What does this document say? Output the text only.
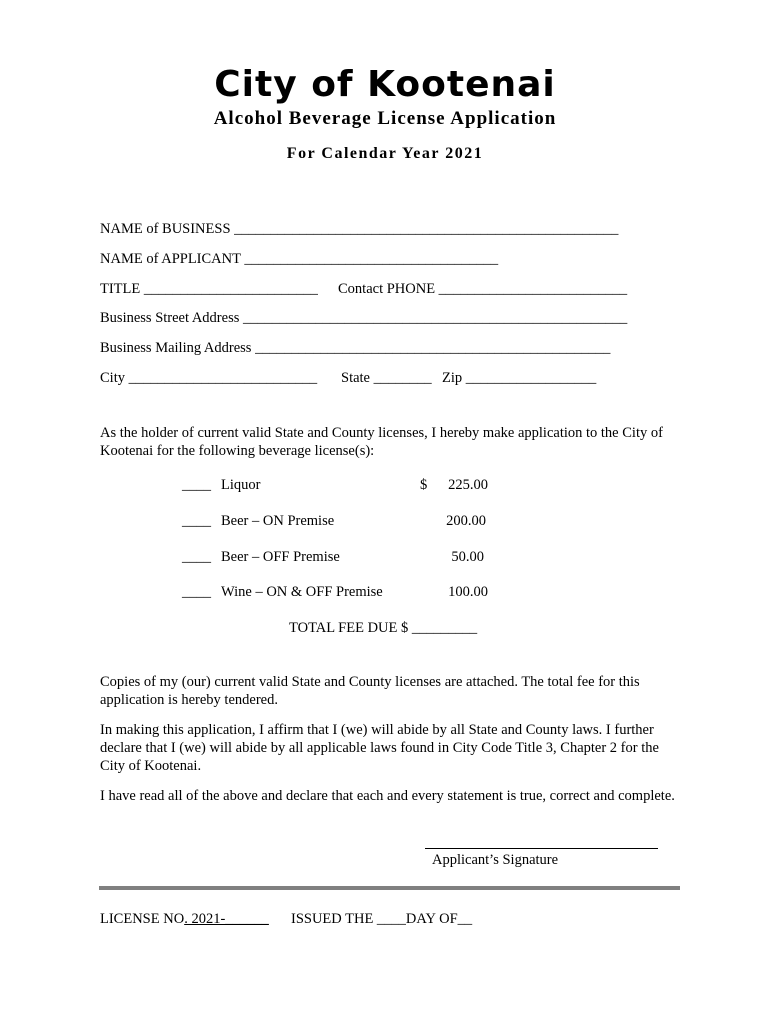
City of Kootenai
Alcohol Beverage License Application
For Calendar Year 2021
NAME of BUSINESS _____________________________________________________
NAME of APPLICANT ___________________________________
TITLE ________________________ Contact PHONE __________________________
Business Street Address _____________________________________________________
Business Mailing Address _________________________________________________
City __________________________ State ________ Zip __________________
As the holder of current valid State and County licenses, I hereby make application to the City of Kootenai for the following beverage license(s):
____ Liquor	$	225.00
____ Beer – ON Premise	200.00
____ Beer – OFF Premise	50.00
____ Wine – ON & OFF Premise	100.00
TOTAL FEE DUE $ _________
Copies of my (our) current valid State and County licenses are attached. The total fee for this application is hereby tendered.
In making this application, I affirm that I (we) will abide by all State and County laws. I further declare that I (we) will abide by all applicable laws found in City Code Title 3, Chapter 2 for the City of Kootenai.
I have read all of the above and declare that each and every statement is true, correct and complete.
Applicant’s Signature
LICENSE NO. 2021-______ ISSUED THE ____DAY OF__
